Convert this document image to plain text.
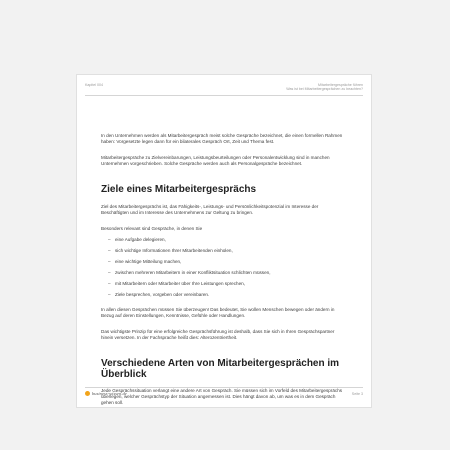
Kapitel 004	Mitarbeitergespräche führen
Was ist bei Mitarbeitergesprächen zu beachten?

In den Unternehmen werden als Mitarbeitergespräch meist solche Gespräche bezeichnet, die einen formellen Rahmen haben: Vorgesetzte legen dann für ein bilaterales Gespräch Ort, Zeit und Thema fest.

Mitarbeitergespräche zu Zielvereinbarungen, Leistungsbeurteilungen oder Personalentwicklung sind in manchen Unternehmen vorgeschrieben. Solche Gespräche werden auch als Personalgespräche bezeichnet.

Ziele eines Mitarbeitergesprächs

Ziel des Mitarbeitergesprächs ist, das Fähigkeits-, Leistungs- und Persönlichkeitspotenzial im Interesse der Beschäftigten und im Interesse des Unternehmens zur Geltung zu bringen.

Besonders relevant sind Gespräche, in denen Sie

– eine Aufgabe delegieren,
– sich wichtige Informationen Ihrer Mitarbeitenden einholen,
– eine wichtige Mitteilung machen,
– zwischen mehreren Mitarbeitern in einer Konfliktsituation schlichten müssen,
– mit Mitarbeitern oder Mitarbeiter über Ihre Leistungen sprechen,
– Ziele besprechen, vorgeben oder vereinbaren.

In allen diesen Gesprächen müssen Sie überzeugen! Das bedeutet, Sie wollen Menschen bewegen oder ändern in Bezug auf deren Einstellungen, Kenntnisse, Gefühle oder Handlungen.

Das wichtigste Prinzip für eine erfolgreiche Gesprächsführung ist deshalb, dass Sie sich in Ihren Gesprächspartner hinein versetzen. In der Fachsprache heißt dies: Alterozentriertheit.

Verschiedene Arten von Mitarbeitergesprächen im Überblick

Jede Gesprächssituation verlangt eine andere Art von Gespräch. Sie müssen sich im Vorfeld des Mitarbeitergesprächs überlegen, welcher Gesprächstyp der Situation angemessen ist. Dies hängt davon ab, um was es in dem Gespräch gehen soll.

business-wissen.de	Seite 3
